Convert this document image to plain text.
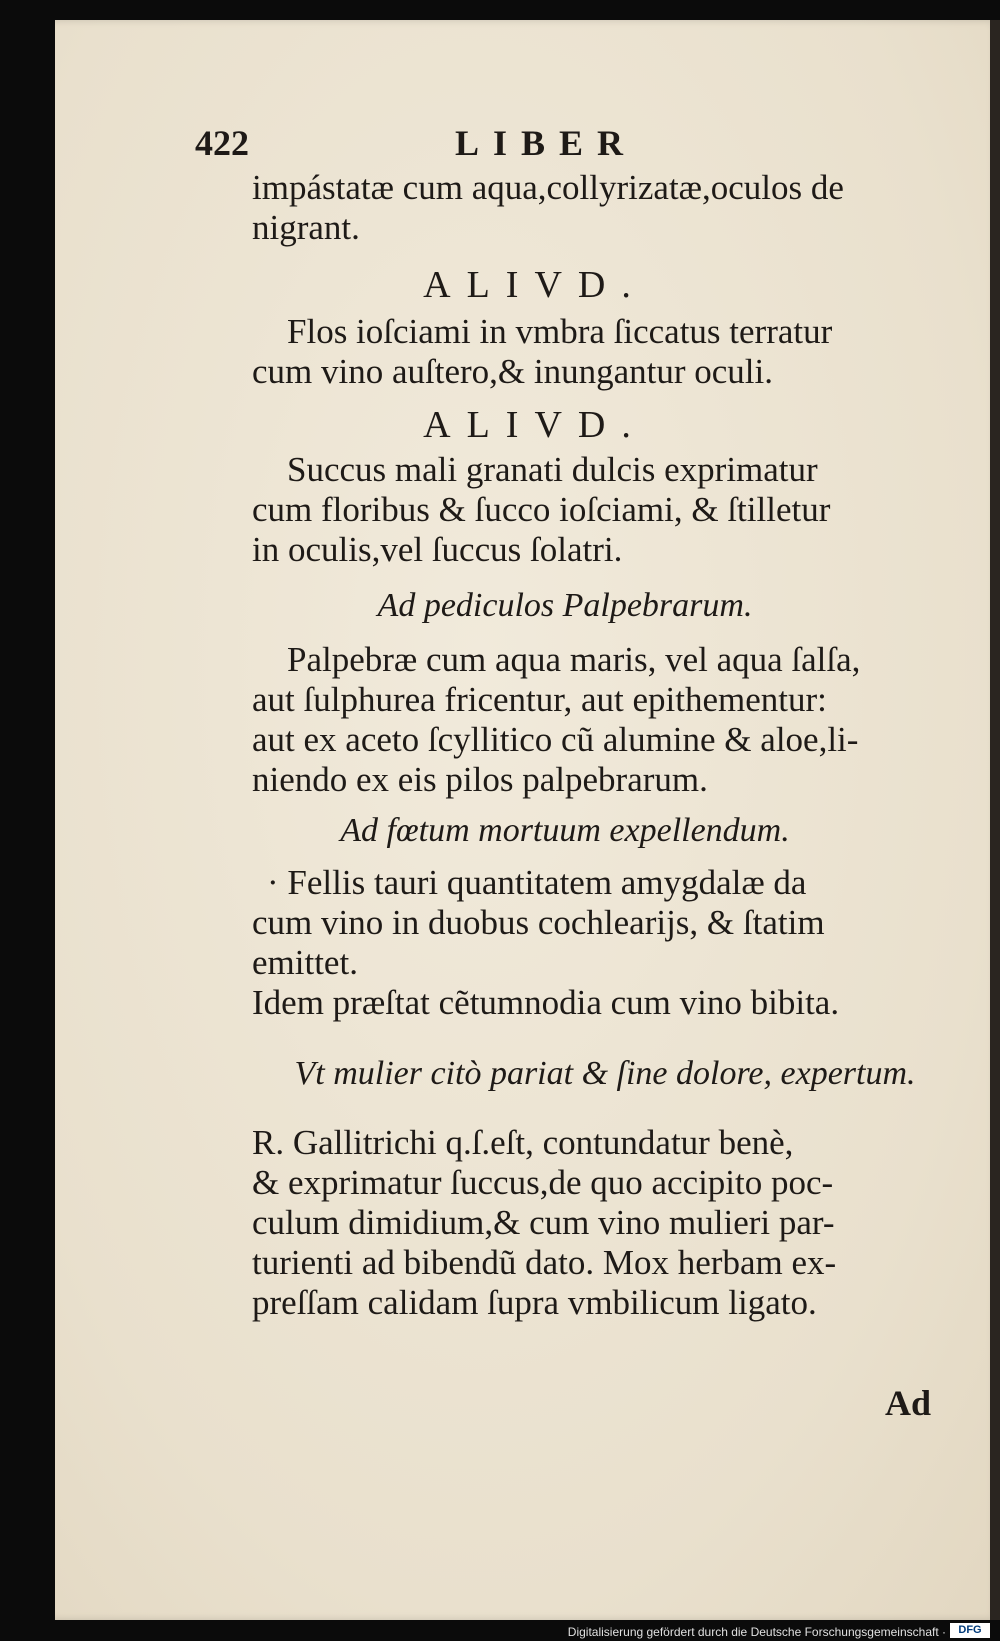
422	LIBER
impástatæ cum aqua,collyrizatæ,oculos de
nigrant.
ALIVD.
Flos ioſciami in vmbra ſiccatus terratur
cum vino auſtero,& inungantur oculi.
ALIVD.
Succus mali granati dulcis exprimatur
cum floribus & ſucco ioſciami, & ſtilletur
in oculis,vel ſuccus ſolatri.
Ad pediculos Palpebrarum.
Palpebræ cum aqua maris, vel aqua ſalſa,
aut ſulphurea fricentur, aut epithementur:
aut ex aceto ſcyllitico cũ alumine & aloe,li-
niendo ex eis pilos palpebrarum.
Ad fœtum mortuum expellendum.
· Fellis tauri quantitatem amygdalæ da
cum vino in duobus cochlearijs, & ſtatim
emittet.
Idem præſtat cẽtumnodia cum vino bibita.
Vt mulier citò pariat & ſine dolore, expertum.
R. Gallitrichi q.ſ.eſt, contundatur benè,
& exprimatur ſuccus,de quo accipito poc-
culum dimidium,& cum vino mulieri par-
turienti ad bibendũ dato. Mox herbam ex-
preſſam calidam ſupra vmbilicum ligato.
Ad
Digitalisierung gefördert durch die Deutsche Forschungsgemeinschaft ·	DFG
